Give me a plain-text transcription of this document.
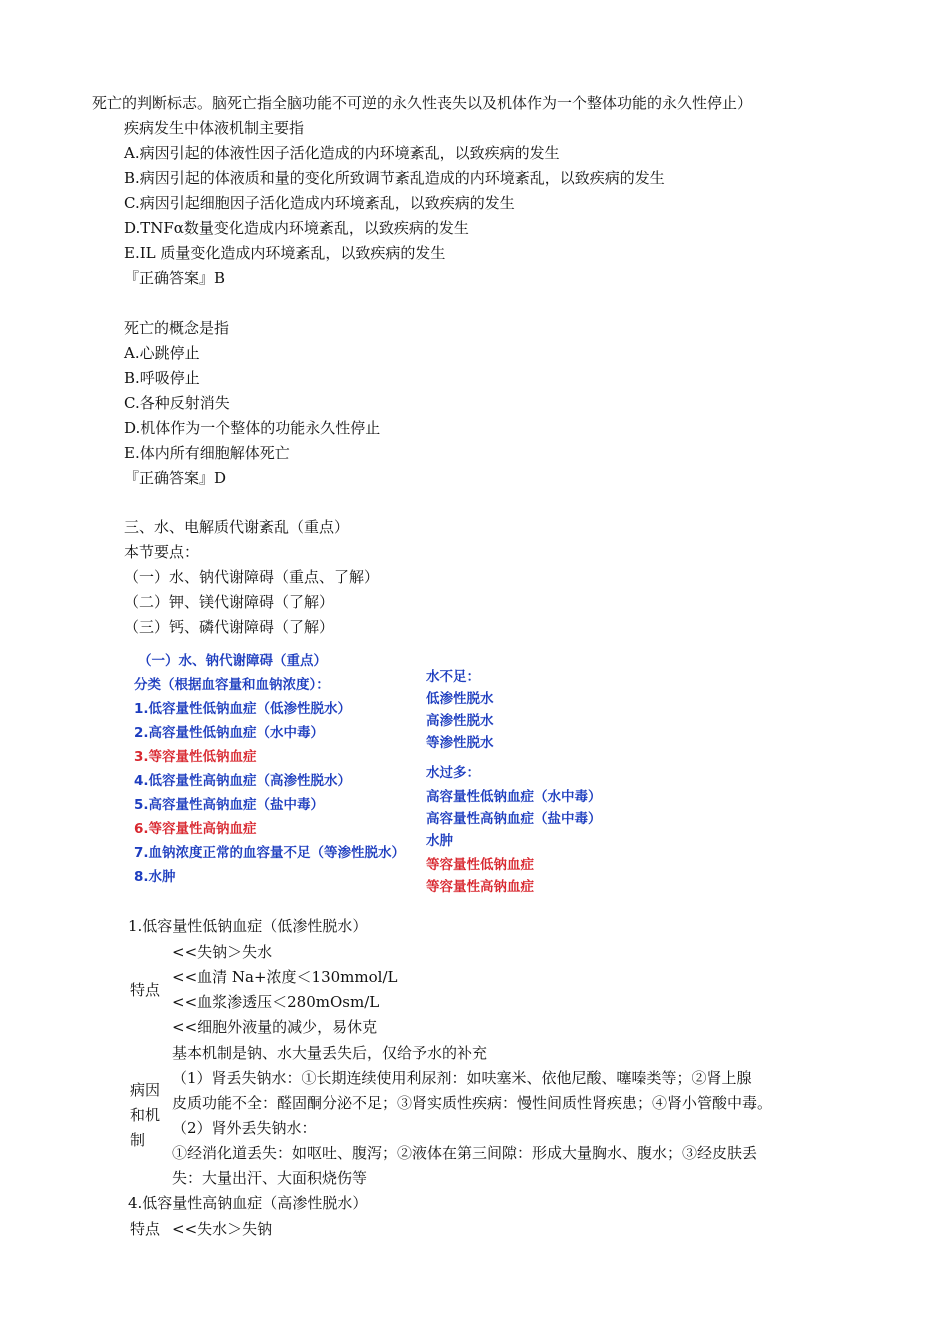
死亡的判断标志。脑死亡指全脑功能不可逆的永久性丧失以及机体作为一个整体功能的永久性停止）
疾病发生中体液机制主要指
A.病因引起的体液性因子活化造成的内环境紊乱，以致疾病的发生
B.病因引起的体液质和量的变化所致调节紊乱造成的内环境紊乱，以致疾病的发生
C.病因引起细胞因子活化造成内环境紊乱，以致疾病的发生
D.TNFα数量变化造成内环境紊乱，以致疾病的发生
E.IL 质量变化造成内环境紊乱，以致疾病的发生
『正确答案』B
死亡的概念是指
A.心跳停止
B.呼吸停止
C.各种反射消失
D.机体作为一个整体的功能永久性停止
E.体内所有细胞解体死亡
『正确答案』D
三、水、电解质代谢紊乱（重点）
本节要点：
（一）水、钠代谢障碍（重点、了解）
（二）钾、镁代谢障碍（了解）
（三）钙、磷代谢障碍（了解）
（一）水、钠代谢障碍（重点）
分类（根据血容量和血钠浓度）：
1.低容量性低钠血症（低渗性脱水）
2.高容量性低钠血症（水中毒）
3.等容量性低钠血症
4.低容量性高钠血症（高渗性脱水）
5.高容量性高钠血症（盐中毒）
6.等容量性高钠血症
7.血钠浓度正常的血容量不足（等渗性脱水）
8.水肿
水不足：
低渗性脱水
高渗性脱水
等渗性脱水
水过多：
高容量性低钠血症（水中毒）
高容量性高钠血症（盐中毒）
水肿
等容量性低钠血症
等容量性高钠血症
1.低容量性低钠血症（低渗性脱水）
特点
<<失钠＞失水
<<血清 Na+浓度＜130mmol/L
<<血浆渗透压＜280mOsm/L
<<细胞外液量的减少，易休克
病因
和机
制
基本机制是钠、水大量丢失后，仅给予水的补充
（1）肾丢失钠水：①长期连续使用利尿剂：如呋塞米、依他尼酸、噻嗪类等；②肾上腺
皮质功能不全：醛固酮分泌不足；③肾实质性疾病：慢性间质性肾疾患；④肾小管酸中毒。
（2）肾外丢失钠水：
①经消化道丢失：如呕吐、腹泻；②液体在第三间隙：形成大量胸水、腹水；③经皮肤丢
失：大量出汗、大面积烧伤等
4.低容量性高钠血症（高渗性脱水）
特点 <<失水＞失钠
